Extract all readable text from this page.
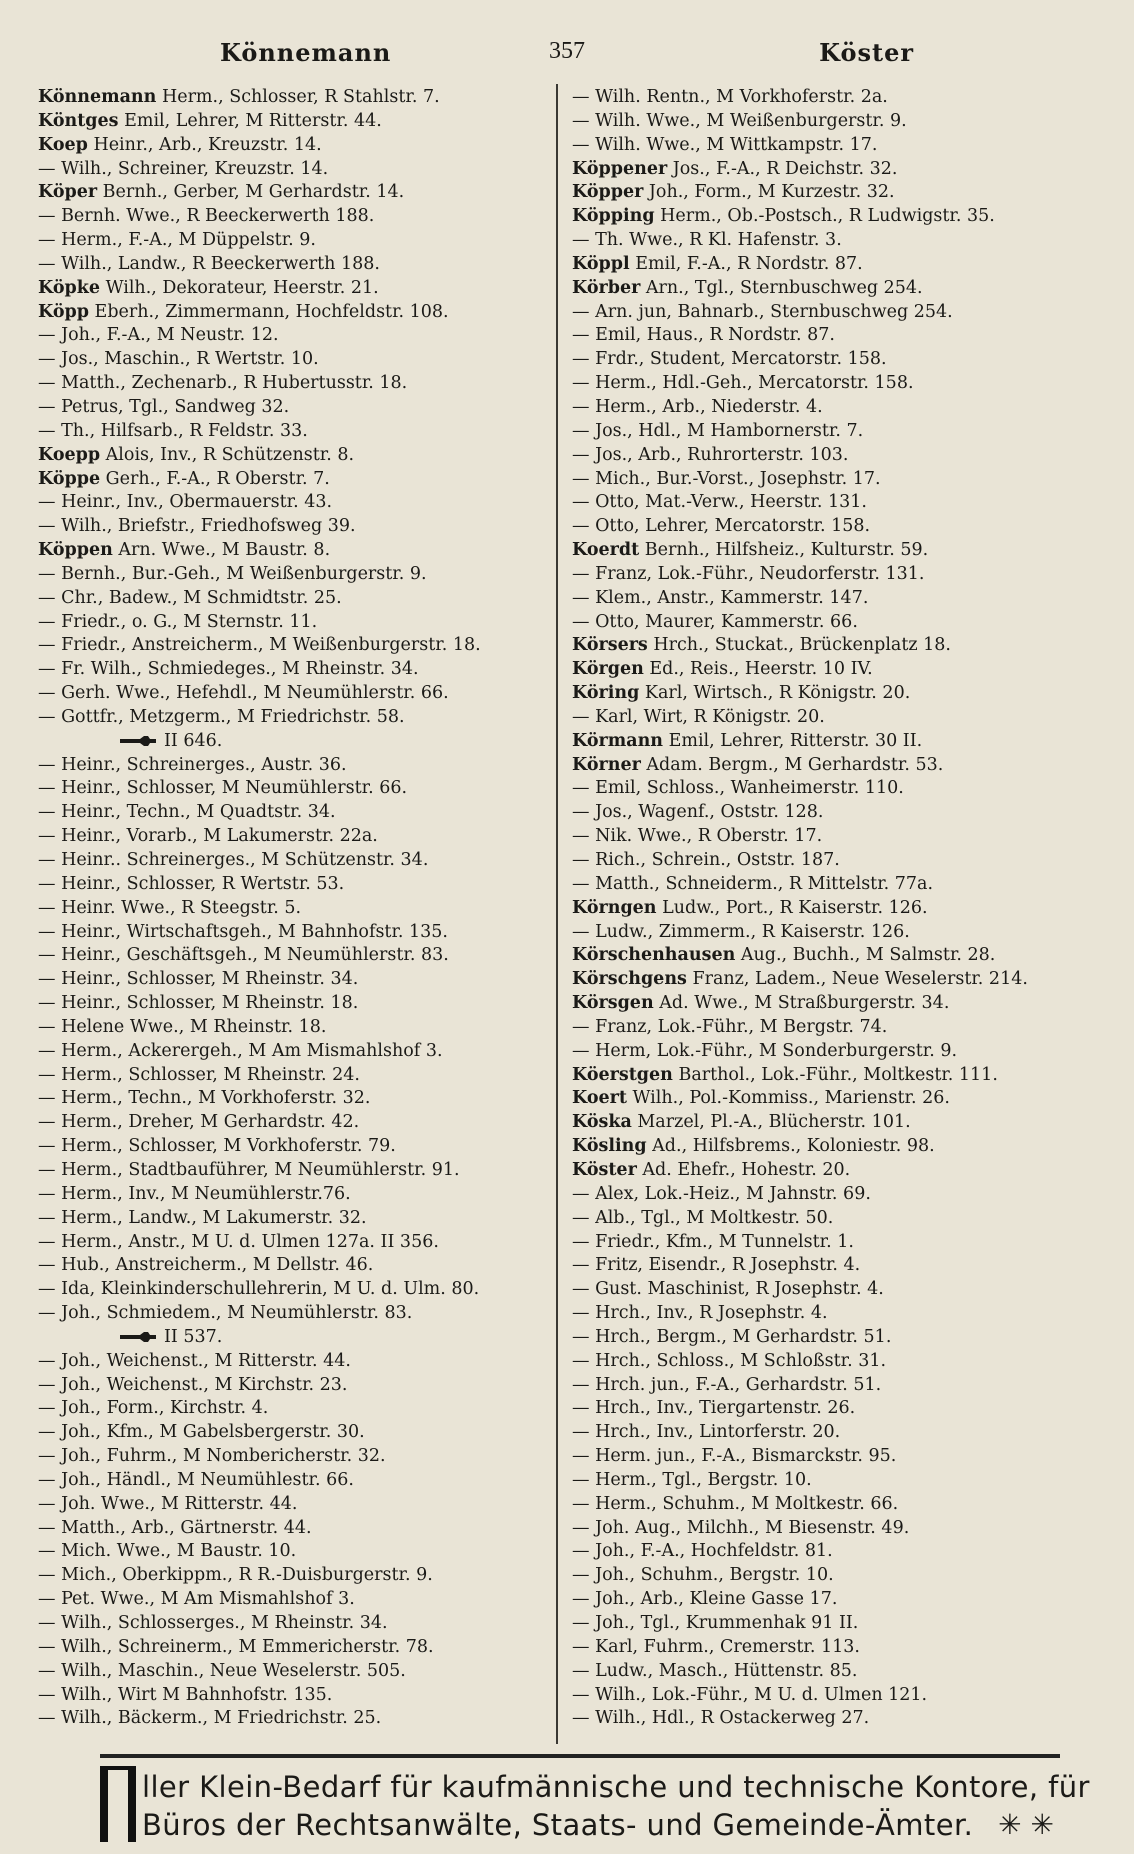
Könnemann	357	Köster
Könnemann Herm., Schlosser, R Stahlstr. 7.
Köntges Emil, Lehrer, M Ritterstr. 44.
Koep Heinr., Arb., Kreuzstr. 14.
— Wilh., Schreiner, Kreuzstr. 14.
Köper Bernh., Gerber, M Gerhardstr. 14.
— Bernh. Wwe., R Beeckerwerth 188.
— Herm., F.-A., M Düppelstr. 9.
— Wilh., Landw., R Beeckerwerth 188.
Köpke Wilh., Dekorateur, Heerstr. 21.
Köpp Eberh., Zimmermann, Hochfeldstr. 108.
— Joh., F.-A., M Neustr. 12.
— Jos., Maschin., R Wertstr. 10.
— Matth., Zechenarb., R Hubertusstr. 18.
— Petrus, Tgl., Sandweg 32.
— Th., Hilfsarb., R Feldstr. 33.
Koepp Alois, Inv., R Schützenstr. 8.
Köppe Gerh., F.-A., R Oberstr. 7.
— Heinr., Inv., Obermauerstr. 43.
— Wilh., Briefstr., Friedhofsweg 39.
Köppen Arn. Wwe., M Baustr. 8.
— Bernh., Bur.-Geh., M Weißenburgerstr. 9.
— Chr., Badew., M Schmidtstr. 25.
— Friedr., o. G., M Sternstr. 11.
— Friedr., Anstreicherm., M Weißenburgerstr. 18.
— Fr. Wilh., Schmiedeges., M Rheinstr. 34.
— Gerh. Wwe., Hefehdl., M Neumühlerstr. 66.
— Gottfr., Metzgerm., M Friedrichstr. 58.
II 646.
— Heinr., Schreinerges., Austr. 36.
— Heinr., Schlosser, M Neumühlerstr. 66.
— Heinr., Techn., M Quadtstr. 34.
— Heinr., Vorarb., M Lakumerstr. 22a.
— Heinr.. Schreinerges., M Schützenstr. 34.
— Heinr., Schlosser, R Wertstr. 53.
— Heinr. Wwe., R Steegstr. 5.
— Heinr., Wirtschaftsgeh., M Bahnhofstr. 135.
— Heinr., Geschäftsgeh., M Neumühlerstr. 83.
— Heinr., Schlosser, M Rheinstr. 34.
— Heinr., Schlosser, M Rheinstr. 18.
— Helene Wwe., M Rheinstr. 18.
— Herm., Ackerergeh., M Am Mismahlshof 3.
— Herm., Schlosser, M Rheinstr. 24.
— Herm., Techn., M Vorkhoferstr. 32.
— Herm., Dreher, M Gerhardstr. 42.
— Herm., Schlosser, M Vorkhoferstr. 79.
— Herm., Stadtbauführer, M Neumühlerstr. 91.
— Herm., Inv., M Neumühlerstr.76.
— Herm., Landw., M Lakumerstr. 32.
— Herm., Anstr., M U. d. Ulmen 127a. II 356.
— Hub., Anstreicherm., M Dellstr. 46.
— Ida, Kleinkinderschullehrerin, M U. d. Ulm. 80.
— Joh., Schmiedem., M Neumühlerstr. 83.
II 537.
— Joh., Weichenst., M Ritterstr. 44.
— Joh., Weichenst., M Kirchstr. 23.
— Joh., Form., Kirchstr. 4.
— Joh., Kfm., M Gabelsbergerstr. 30.
— Joh., Fuhrm., M Nombericherstr. 32.
— Joh., Händl., M Neumühlestr. 66.
— Joh. Wwe., M Ritterstr. 44.
— Matth., Arb., Gärtnerstr. 44.
— Mich. Wwe., M Baustr. 10.
— Mich., Oberkippm., R R.-Duisburgerstr. 9.
— Pet. Wwe., M Am Mismahlshof 3.
— Wilh., Schlosserges., M Rheinstr. 34.
— Wilh., Schreinerm., M Emmericherstr. 78.
— Wilh., Maschin., Neue Weselerstr. 505.
— Wilh., Wirt M Bahnhofstr. 135.
— Wilh., Bäckerm., M Friedrichstr. 25.
— Wilh. Rentn., M Vorkhoferstr. 2a.
— Wilh. Wwe., M Weißenburgerstr. 9.
— Wilh. Wwe., M Wittkampstr. 17.
Köppener Jos., F.-A., R Deichstr. 32.
Köpper Joh., Form., M Kurzestr. 32.
Köpping Herm., Ob.-Postsch., R Ludwigstr. 35.
— Th. Wwe., R Kl. Hafenstr. 3.
Köppl Emil, F.-A., R Nordstr. 87.
Körber Arn., Tgl., Sternbuschweg 254.
— Arn. jun, Bahnarb., Sternbuschweg 254.
— Emil, Haus., R Nordstr. 87.
— Frdr., Student, Mercatorstr. 158.
— Herm., Hdl.-Geh., Mercatorstr. 158.
— Herm., Arb., Niederstr. 4.
— Jos., Hdl., M Hambornerstr. 7.
— Jos., Arb., Ruhrorterstr. 103.
— Mich., Bur.-Vorst., Josephstr. 17.
— Otto, Mat.-Verw., Heerstr. 131.
— Otto, Lehrer, Mercatorstr. 158.
Koerdt Bernh., Hilfsheiz., Kulturstr. 59.
— Franz, Lok.-Führ., Neudorferstr. 131.
— Klem., Anstr., Kammerstr. 147.
— Otto, Maurer, Kammerstr. 66.
Körsers Hrch., Stuckat., Brückenplatz 18.
Körgen Ed., Reis., Heerstr. 10 IV.
Köring Karl, Wirtsch., R Königstr. 20.
— Karl, Wirt, R Königstr. 20.
Körmann Emil, Lehrer, Ritterstr. 30 II.
Körner Adam. Bergm., M Gerhardstr. 53.
— Emil, Schloss., Wanheimerstr. 110.
— Jos., Wagenf., Oststr. 128.
— Nik. Wwe., R Oberstr. 17.
— Rich., Schrein., Oststr. 187.
— Matth., Schneiderm., R Mittelstr. 77a.
Körngen Ludw., Port., R Kaiserstr. 126.
— Ludw., Zimmerm., R Kaiserstr. 126.
Körschenhausen Aug., Buchh., M Salmstr. 28.
Körschgens Franz, Ladem., Neue Weselerstr. 214.
Körsgen Ad. Wwe., M Straßburgerstr. 34.
— Franz, Lok.-Führ., M Bergstr. 74.
— Herm, Lok.-Führ., M Sonderburgerstr. 9.
Köerstgen Barthol., Lok.-Führ., Moltkestr. 111.
Koert Wilh., Pol.-Kommiss., Marienstr. 26.
Köska Marzel, Pl.-A., Blücherstr. 101.
Kösling Ad., Hilfsbrems., Koloniestr. 98.
Köster Ad. Ehefr., Hohestr. 20.
— Alex, Lok.-Heiz., M Jahnstr. 69.
— Alb., Tgl., M Moltkestr. 50.
— Friedr., Kfm., M Tunnelstr. 1.
— Fritz, Eisendr., R Josephstr. 4.
— Gust. Maschinist, R Josephstr. 4.
— Hrch., Inv., R Josephstr. 4.
— Hrch., Bergm., M Gerhardstr. 51.
— Hrch., Schloss., M Schloßstr. 31.
— Hrch. jun., F.-A., Gerhardstr. 51.
— Hrch., Inv., Tiergartenstr. 26.
— Hrch., Inv., Lintorferstr. 20.
— Herm. jun., F.-A., Bismarckstr. 95.
— Herm., Tgl., Bergstr. 10.
— Herm., Schuhm., M Moltkestr. 66.
— Joh. Aug., Milchh., M Biesenstr. 49.
— Joh., F.-A., Hochfeldstr. 81.
— Joh., Schuhm., Bergstr. 10.
— Joh., Arb., Kleine Gasse 17.
— Joh., Tgl., Krummenhak 91 II.
— Karl, Fuhrm., Cremerstr. 113.
— Ludw., Masch., Hüttenstr. 85.
— Wilh., Lok.-Führ., M U. d. Ulmen 121.
— Wilh., Hdl., R Ostackerweg 27.
ller Klein-Bedarf für kaufmännische und technische Kontore, für
Büros der Rechtsanwälte, Staats- und Gemeinde-Ämter. ✳ ✳
